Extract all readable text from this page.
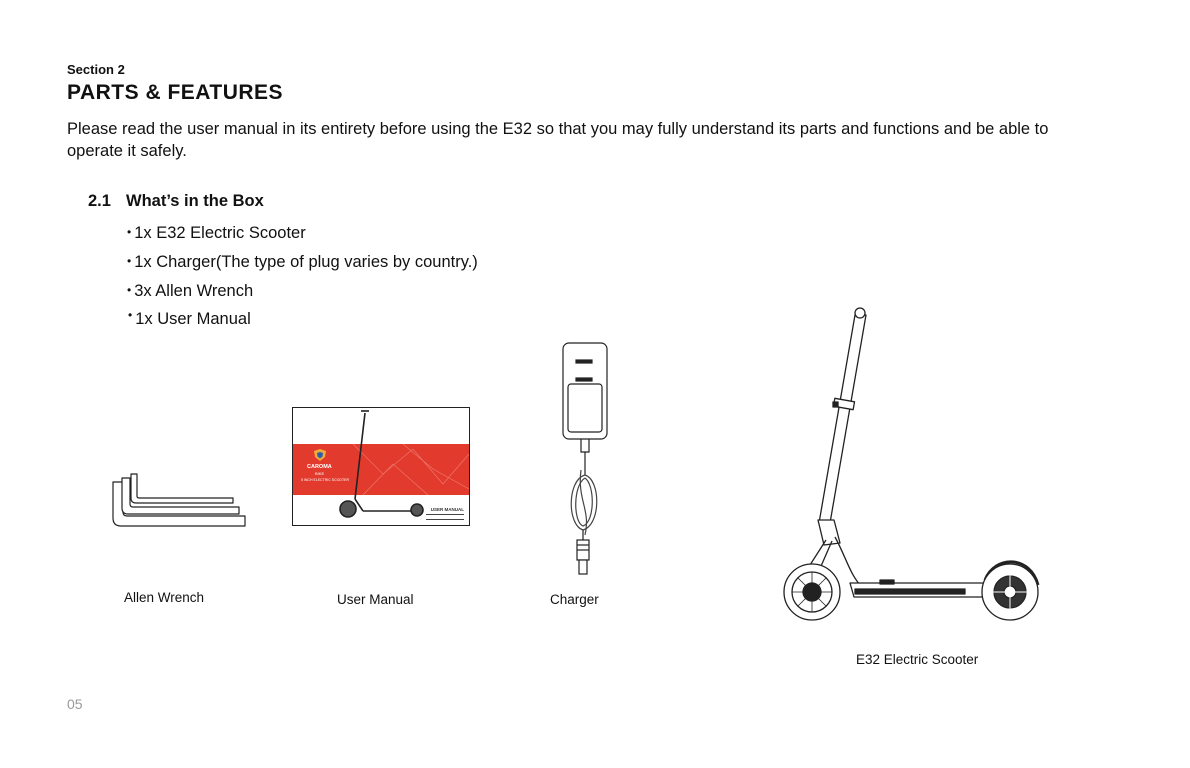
Section 2
PARTS & FEATURES
Please read the user manual in its entirety before using the E32 so that you may fully understand its parts and functions and be able to operate it safely.
2.1 What’s in the Box
• 1x E32 Electric Scooter
• 1x Charger(The type of plug varies by country.)
• 3x Allen Wrench
• 1x User Manual
Allen Wrench
CAROMA
BIKE
5 INCH ELECTRIC SCOOTER
USER MANUAL
User Manual	Charger
E32 Electric Scooter
05
